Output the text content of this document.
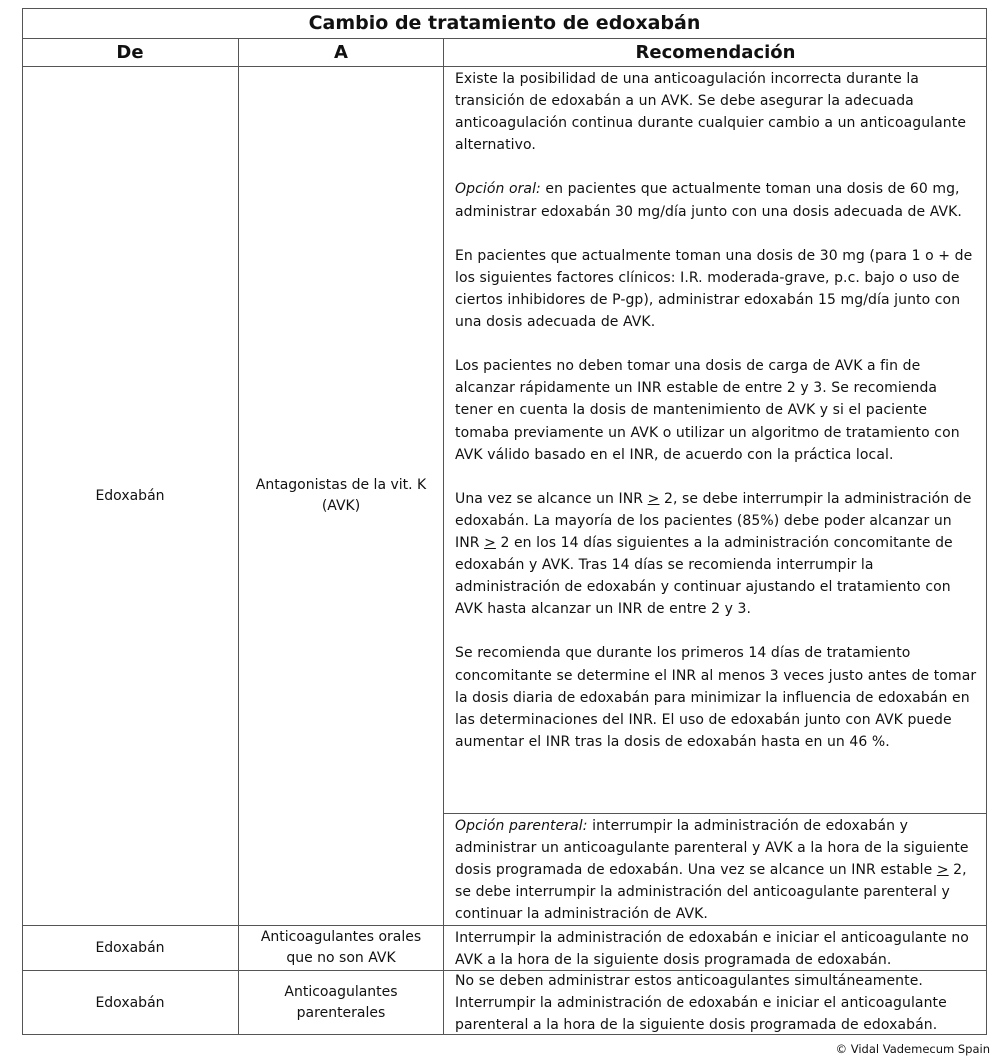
Cambio de tratamiento de edoxabán
De	A	Recomendación
Edoxabán
Antagonistas de la vit. K (AVK)

Existe la posibilidad de una anticoagulación incorrecta durante la transición de edoxabán a un AVK. Se debe asegurar la adecuada anticoagulación continua durante cualquier cambio a un anticoagulante alternativo.

Opción oral: en pacientes que actualmente toman una dosis de 60 mg, administrar edoxabán 30 mg/día junto con una dosis adecuada de AVK.

En pacientes que actualmente toman una dosis de 30 mg (para 1 o + de los siguientes factores clínicos: I.R. moderada-grave, p.c. bajo o uso de ciertos inhibidores de P-gp), administrar edoxabán 15 mg/día junto con una dosis adecuada de AVK.

Los pacientes no deben tomar una dosis de carga de AVK a fin de alcanzar rápidamente un INR estable de entre 2 y 3. Se recomienda tener en cuenta la dosis de mantenimiento de AVK y si el paciente tomaba previamente un AVK o utilizar un algoritmo de tratamiento con AVK válido basado en el INR, de acuerdo con la práctica local.

Una vez se alcance un INR > 2, se debe interrumpir la administración de edoxabán. La mayoría de los pacientes (85%) debe poder alcanzar un INR > 2 en los 14 días siguientes a la administración concomitante de edoxabán y AVK. Tras 14 días se recomienda interrumpir la administración de edoxabán y continuar ajustando el tratamiento con AVK hasta alcanzar un INR de entre 2 y 3.

Se recomienda que durante los primeros 14 días de tratamiento concomitante se determine el INR al menos 3 veces justo antes de tomar la dosis diaria de edoxabán para minimizar la influencia de edoxabán en las determinaciones del INR. El uso de edoxabán junto con AVK puede aumentar el INR tras la dosis de edoxabán hasta en un 46 %.

Opción parenteral: interrumpir la administración de edoxabán y administrar un anticoagulante parenteral y AVK a la hora de la siguiente dosis programada de edoxabán. Una vez se alcance un INR estable > 2, se debe interrumpir la administración del anticoagulante parenteral y continuar la administración de AVK.

Edoxabán
Anticoagulantes orales que no son AVK

Interrumpir la administración de edoxabán e iniciar el anticoagulante no AVK a la hora de la siguiente dosis programada de edoxabán.

Edoxabán
Anticoagulantes parenterales

No se deben administrar estos anticoagulantes simultáneamente. Interrumpir la administración de edoxabán e iniciar el anticoagulante parenteral a la hora de la siguiente dosis programada de edoxabán.

© Vidal Vademecum Spain
